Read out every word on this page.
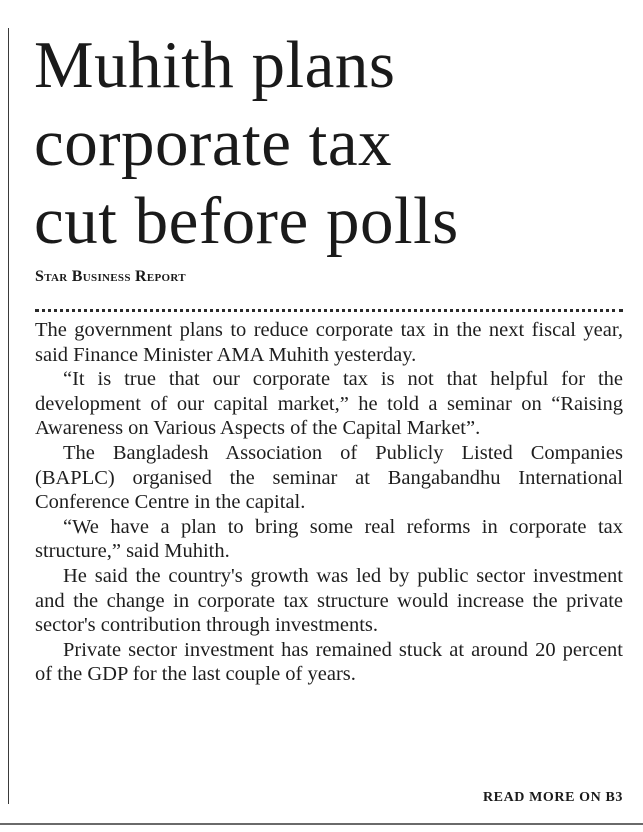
Muhith plans
corporate tax
cut before polls

Star Business Report

The government plans to reduce corporate tax in the next fiscal year, said Finance Minister AMA Muhith yesterday.

“It is true that our corporate tax is not that helpful for the development of our capital market,” he told a seminar on “Raising Awareness on Various Aspects of the Capital Market”.

The Bangladesh Association of Publicly Listed Companies (BAPLC) organised the seminar at Bangabandhu International Conference Centre in the capital.

“We have a plan to bring some real reforms in corporate tax structure,” said Muhith.

He said the country's growth was led by public sector investment and the change in corporate tax structure would increase the private sector's contribution through investments.

Private sector investment has remained stuck at around 20 percent of the GDP for the last couple of years.

READ MORE ON B3
